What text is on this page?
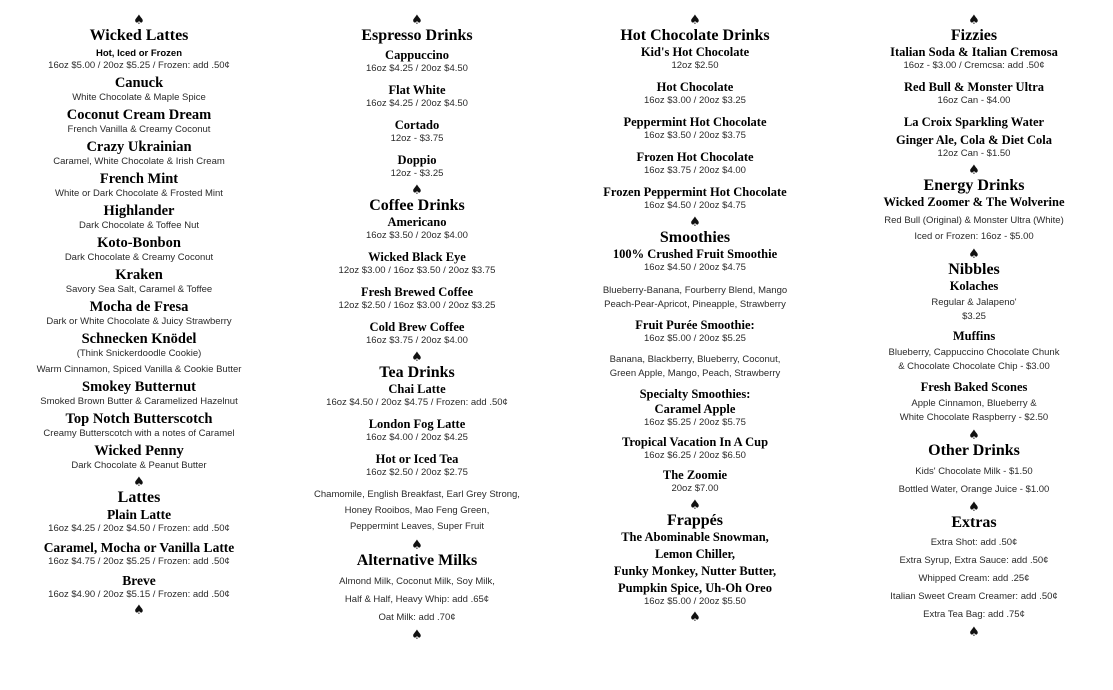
♠
Wicked Lattes
Hot, Iced or Frozen
16oz $5.00 / 20oz $5.25 / Frozen: add .50¢
Canuck
White Chocolate & Maple Spice
Coconut Cream Dream
French Vanilla & Creamy Coconut
Crazy Ukrainian
Caramel, White Chocolate & Irish Cream
French Mint
White or Dark Chocolate & Frosted Mint
Highlander
Dark Chocolate & Toffee Nut
Koto-Bonbon
Dark Chocolate & Creamy Coconut
Kraken
Savory Sea Salt, Caramel & Toffee
Mocha de Fresa
Dark or White Chocolate & Juicy Strawberry
Schnecken Knödel
(Think Snickerdoodle Cookie)
Warm Cinnamon, Spiced Vanilla & Cookie Butter
Smokey Butternut
Smoked Brown Butter & Caramelized Hazelnut
Top Notch Butterscotch
Creamy Butterscotch with a notes of Caramel
Wicked Penny
Dark Chocolate & Peanut Butter
♠
Lattes
Plain Latte
16oz $4.25 / 20oz $4.50 / Frozen: add .50¢
Caramel, Mocha or Vanilla Latte
16oz $4.75 / 20oz $5.25 / Frozen: add .50¢
Breve
16oz $4.90 / 20oz $5.15 / Frozen: add .50¢
♠
♠
Espresso Drinks
Cappuccino
16oz $4.25 / 20oz $4.50
Flat White
16oz $4.25 / 20oz $4.50
Cortado
12oz - $3.75
Doppio
12oz - $3.25
♠
Coffee Drinks
Americano
16oz $3.50 / 20oz $4.00
Wicked Black Eye
12oz $3.00 / 16oz $3.50 / 20oz $3.75
Fresh Brewed Coffee
12oz $2.50 / 16oz $3.00 / 20oz $3.25
Cold Brew Coffee
16oz $3.75 / 20oz $4.00
♠
Tea Drinks
Chai Latte
16oz $4.50 / 20oz $4.75 / Frozen: add .50¢
London Fog Latte
16oz $4.00 / 20oz $4.25
Hot or Iced Tea
16oz $2.50 / 20oz $2.75
Chamomile, English Breakfast, Earl Grey Strong,
Honey Rooibos, Mao Feng Green,
Peppermint Leaves, Super Fruit
♠
Alternative Milks
Almond Milk, Coconut Milk, Soy Milk,
Half & Half, Heavy Whip: add .65¢
Oat Milk: add .70¢
♠
♠
Hot Chocolate Drinks
Kid's Hot Chocolate
12oz $2.50
Hot Chocolate
16oz $3.00 / 20oz $3.25
Peppermint Hot Chocolate
16oz $3.50 / 20oz $3.75
Frozen Hot Chocolate
16oz $3.75 / 20oz $4.00
Frozen Peppermint Hot Chocolate
16oz $4.50 / 20oz $4.75
♠
Smoothies
100% Crushed Fruit Smoothie
16oz $4.50 / 20oz $4.75
Blueberry-Banana, Fourberry Blend, Mango
Peach-Pear-Apricot, Pineapple, Strawberry
Fruit Purée Smoothie:
16oz $5.00 / 20oz $5.25
Banana, Blackberry, Blueberry, Coconut,
Green Apple, Mango, Peach, Strawberry
Specialty Smoothies:
Caramel Apple
16oz $5.25 / 20oz $5.75
Tropical Vacation In A Cup
16oz $6.25 / 20oz $6.50
The Zoomie
20oz $7.00
♠
Frappés
The Abominable Snowman,
Lemon Chiller,
Funky Monkey, Nutter Butter,
Pumpkin Spice, Uh-Oh Oreo
16oz $5.00 / 20oz $5.50
♠
♠
Fizzies
Italian Soda & Italian Cremosa
16oz - $3.00 / Cremcsa: add .50¢
Red Bull & Monster Ultra
16oz Can - $4.00
La Croix Sparkling Water
Ginger Ale, Cola & Diet Cola
12oz Can - $1.50
♠
Energy Drinks
Wicked Zoomer & The Wolverine
Red Bull (Original) & Monster Ultra (White)
Iced or Frozen: 16oz - $5.00
♠
Nibbles
Kolaches
Regular & Jalapeno'
$3.25
Muffins
Blueberry, Cappuccino Chocolate Chunk
& Chocolate Chocolate Chip - $3.00
Fresh Baked Scones
Apple Cinnamon, Blueberry &
White Chocolate Raspberry - $2.50
♠
Other Drinks
Kids' Chocolate Milk - $1.50
Bottled Water, Orange Juice - $1.00
♠
Extras
Extra Shot: add .50¢
Extra Syrup, Extra Sauce: add .50¢
Whipped Cream: add .25¢
Italian Sweet Cream Creamer: add .50¢
Extra Tea Bag: add .75¢
♠
